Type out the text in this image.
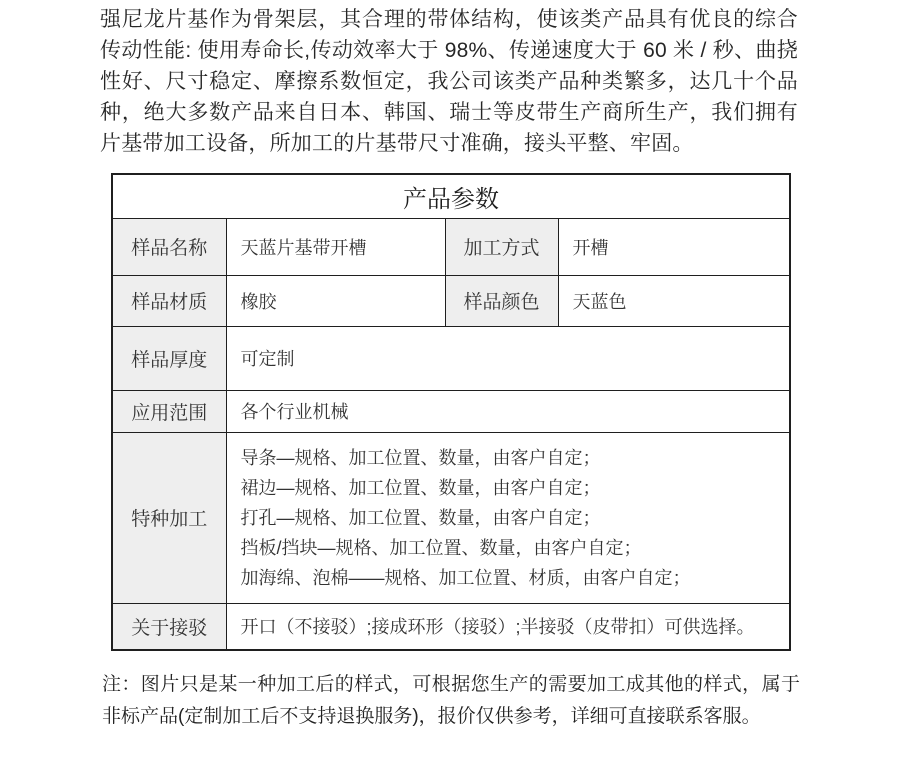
强尼龙片基作为骨架层，其合理的带体结构，使该类产品具有优良的综合传动性能: 使用寿命长,传动效率大于 98%、传递速度大于 60 米 / 秒、曲挠性好、尺寸稳定、摩擦系数恒定，我公司该类产品种类繁多，达几十个品种，绝大多数产品来自日本、韩国、瑞士等皮带生产商所生产，我们拥有片基带加工设备，所加工的片基带尺寸准确，接头平整、牢固。

产品参数			
样品名称	天蓝片基带开槽	加工方式	开槽
样品材质	橡胶	样品颜色	天蓝色
样品厚度	可定制		
应用范围	各个行业机械		
特种加工	导条—规格、加工位置、数量，由客户自定；
裙边—规格、加工位置、数量，由客户自定；
打孔—规格、加工位置、数量，由客户自定；
挡板/挡块—规格、加工位置、数量，由客户自定；
加海绵、泡棉——规格、加工位置、材质，由客户自定；		

关于接驳	开口（不接驳）;接成环形（接驳）;半接驳（皮带扣）可供选择。		

注：图片只是某一种加工后的样式，可根据您生产的需要加工成其他的样式，属于非标产品(定制加工后不支持退换服务)，报价仅供参考，详细可直接联系客服。
